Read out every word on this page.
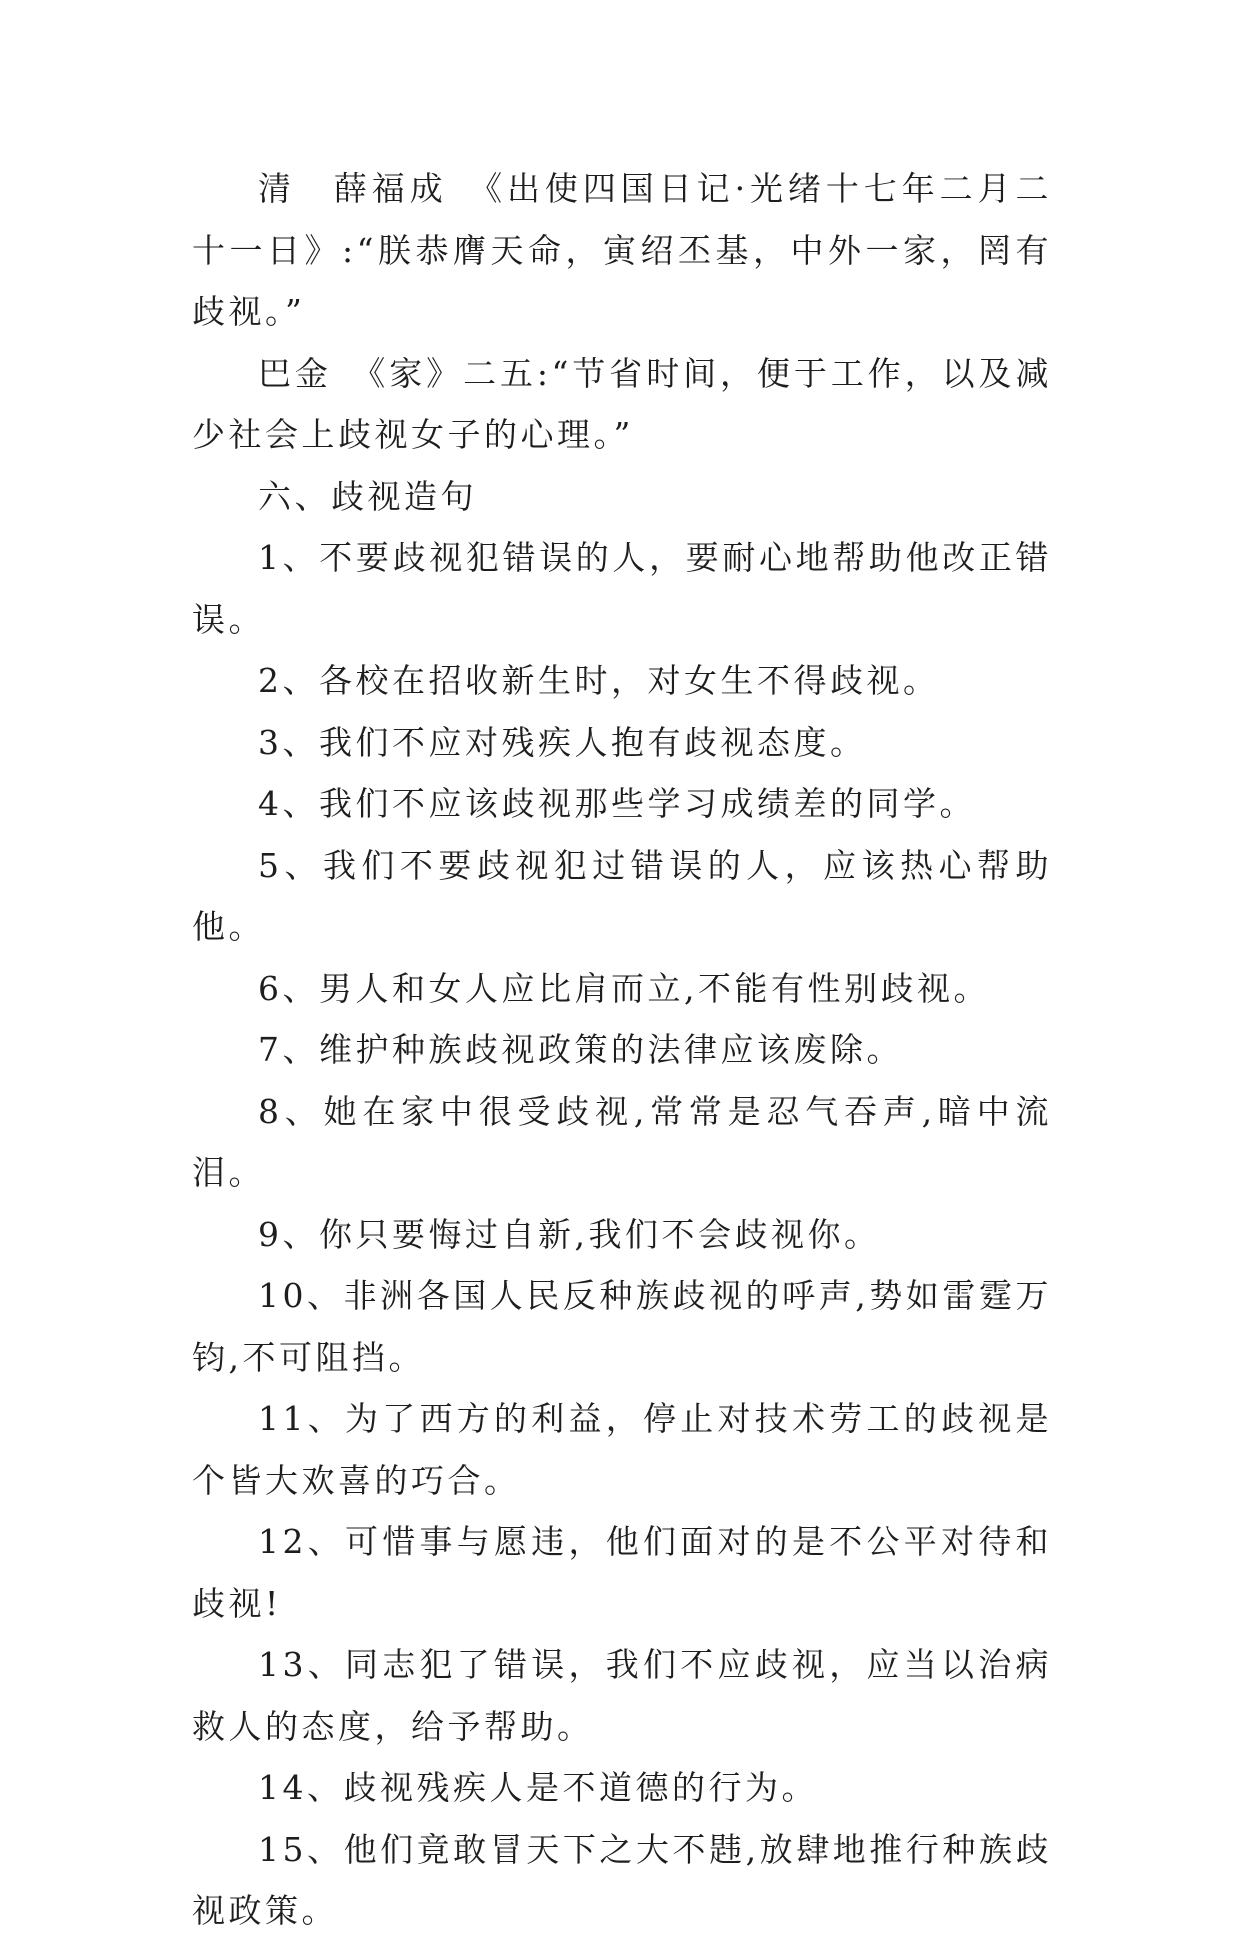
清　薛福成　《出使四国日记·光绪十七年二月二十一日》:“朕恭膺天命，寅绍丕基，中外一家，罔有歧视。”

巴金　《家》二五:“节省时间，便于工作，以及减少社会上歧视女子的心理。”

六、歧视造句

1、不要歧视犯错误的人，要耐心地帮助他改正错误。

2、各校在招收新生时，对女生不得歧视。

3、我们不应对残疾人抱有歧视态度。

4、我们不应该歧视那些学习成绩差的同学。

5、我们不要歧视犯过错误的人，应该热心帮助他。

6、男人和女人应比肩而立,不能有性别歧视。

7、维护种族歧视政策的法律应该废除。

8、她在家中很受歧视,常常是忍气吞声,暗中流泪。

9、你只要悔过自新,我们不会歧视你。

10、非洲各国人民反种族歧视的呼声,势如雷霆万钧,不可阻挡。

11、为了西方的利益，停止对技术劳工的歧视是个皆大欢喜的巧合。

12、可惜事与愿违，他们面对的是不公平对待和歧视!

13、同志犯了错误，我们不应歧视，应当以治病救人的态度，给予帮助。

14、歧视残疾人是不道德的行为。

15、他们竟敢冒天下之大不韪,放肆地推行种族歧视政策。
